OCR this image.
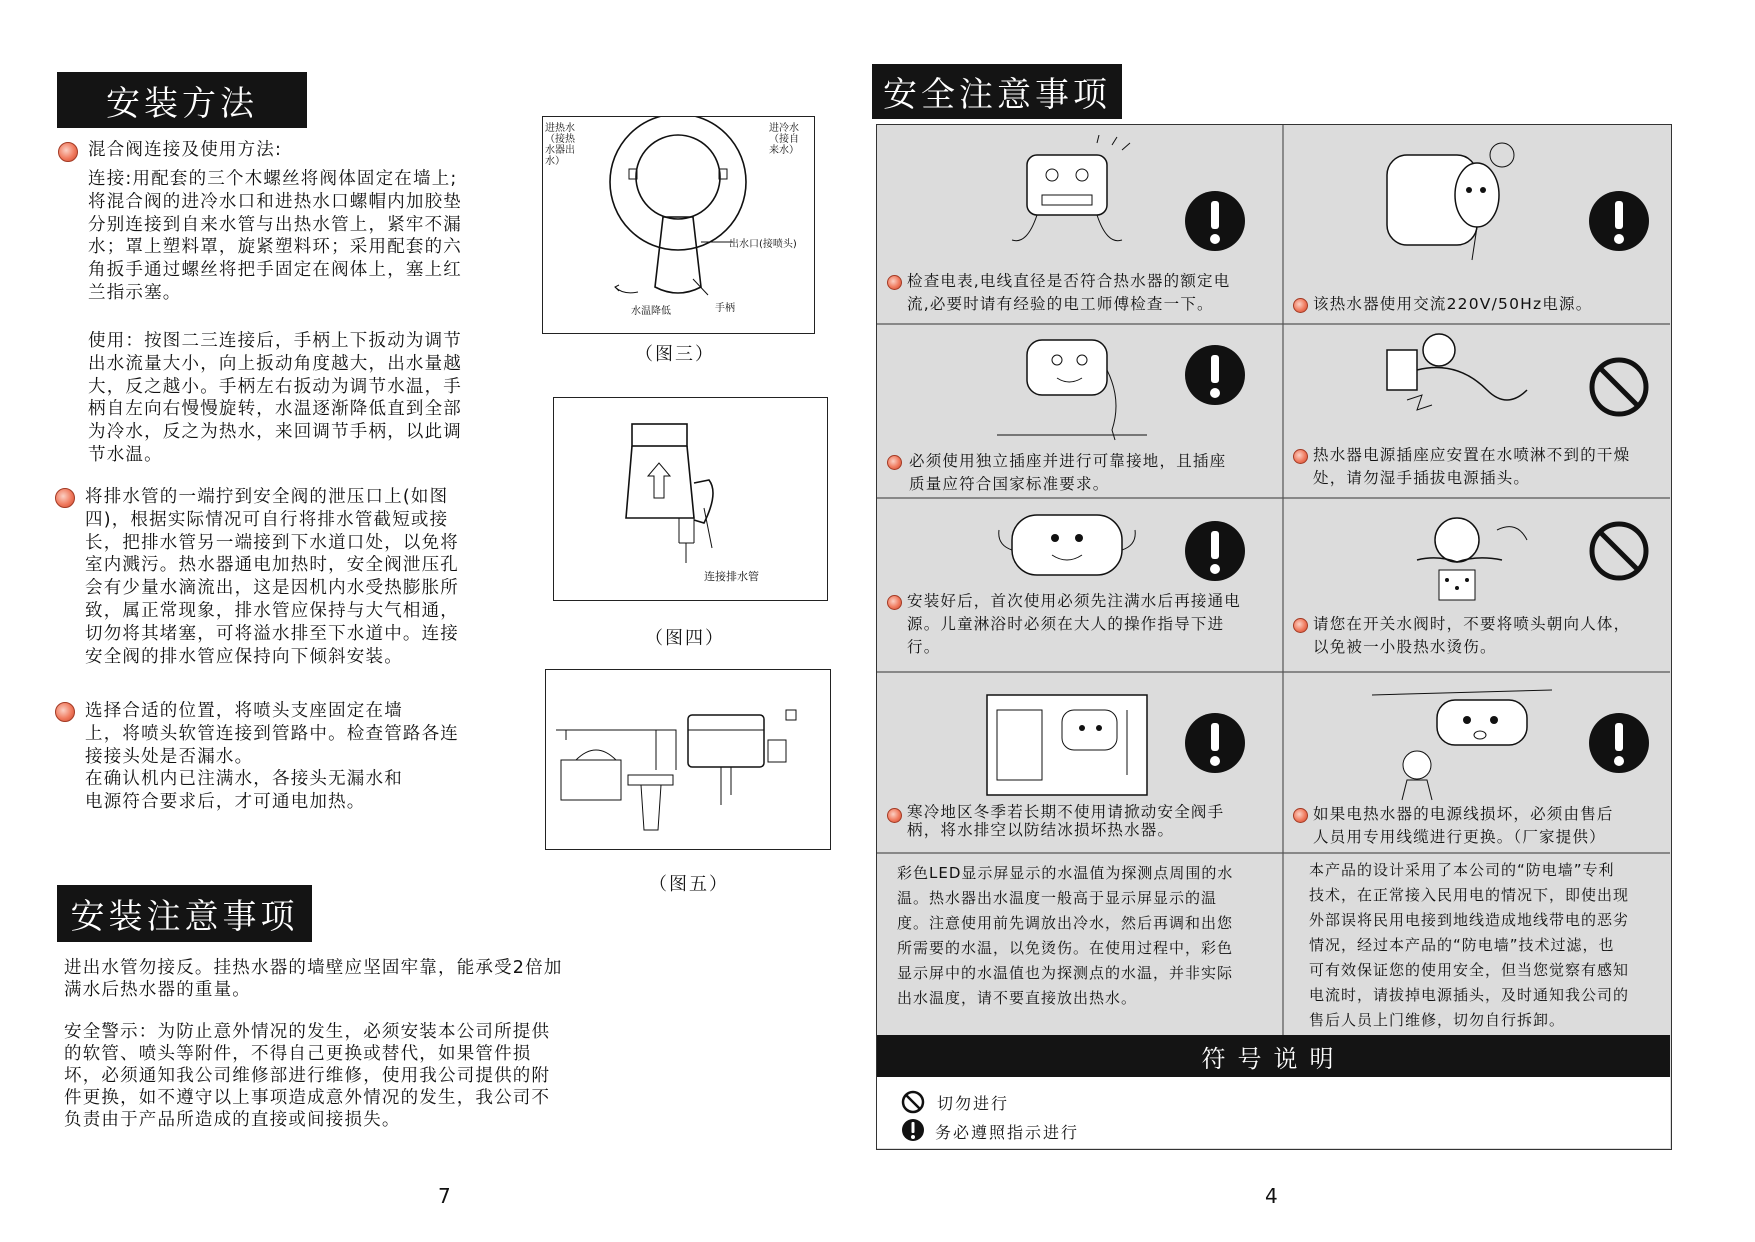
安装方法
混合阀连接及使用方法:
连接:用配套的三个木螺丝将阀体固定在墙上;
将混合阀的进冷水口和进热水口螺帽内加胶垫
分别连接到自来水管与出热水管上，紧牢不漏
水；罩上塑料罩，旋紧塑料环；采用配套的六
角扳手通过螺丝将把手固定在阀体上，塞上红
兰指示塞。
使用：按图二三连接后，手柄上下扳动为调节
出水流量大小，向上扳动角度越大，出水量越
大，反之越小。手柄左右扳动为调节水温，手
柄自左向右慢慢旋转，水温逐渐降低直到全部
为冷水，反之为热水，来回调节手柄，以此调
节水温。
将排水管的一端拧到安全阀的泄压口上(如图
四)，根据实际情况可自行将排水管截短或接
长，把排水管另一端接到下水道口处，以免将
室内溅污。热水器通电加热时，安全阀泄压孔
会有少量水滴流出，这是因机内水受热膨胀所
致，属正常现象，排水管应保持与大气相通，
切勿将其堵塞，可将溢水排至下水道中。连接
安全阀的排水管应保持向下倾斜安装。
选择合适的位置，将喷头支座固定在墙
上，将喷头软管连接到管路中。检查管路各连
接接头处是否漏水。
在确认机内已注满水，各接头无漏水和
电源符合要求后，才可通电加热。
进热水
（接热
水器出
水）
进冷水
（接自
来水）
出水口(接喷头)
水温降低	手柄
（图三）
连接排水管
（图四）
（图五）
安装注意事项
进出水管勿接反。挂热水器的墙壁应坚固牢靠，能承受2倍加
满水后热水器的重量。
安全警示：为防止意外情况的发生，必须安装本公司所提供
的软管、喷头等附件，不得自己更换或替代，如果管件损
坏，必须通知我公司维修部进行维修，使用我公司提供的附
件更换，如不遵守以上事项造成意外情况的发生，我公司不
负责由于产品所造成的直接或间接损失。
7
安全注意事项
检查电表,电线直径是否符合热水器的额定电
流,必要时请有经验的电工师傅检查一下。	该热水器使用交流220V/50Hz电源。
必须使用独立插座并进行可靠接地，且插座
质量应符合国家标准要求。
热水器电源插座应安置在水喷淋不到的干燥
处，请勿湿手插拔电源插头。
安装好后，首次使用必须先注满水后再接通电
源。儿童淋浴时必须在大人的操作指导下进
行。
请您在开关水阀时，不要将喷头朝向人体，
以免被一小股热水烫伤。
寒冷地区冬季若长期不使用请掀动安全阀手
柄，将水排空以防结冰损坏热水器。
如果电热水器的电源线损坏，必须由售后
人员用专用线缆进行更换。（厂家提供）
彩色LED显示屏显示的水温值为探测点周围的水
温。热水器出水温度一般高于显示屏显示的温
度。注意使用前先调放出冷水，然后再调和出您
所需要的水温，以免烫伤。在使用过程中，彩色
显示屏中的水温值也为探测点的水温，并非实际
出水温度，请不要直接放出热水。
本产品的设计采用了本公司的“防电墙”专利
技术，在正常接入民用电的情况下，即使出现
外部误将民用电接到地线造成地线带电的恶劣
情况，经过本产品的“防电墙”技术过滤，也
可有效保证您的使用安全，但当您觉察有感知
电流时，请拔掉电源插头，及时通知我公司的
售后人员上门维修，切勿自行拆卸。
符号说明
切勿进行
务必遵照指示进行
4
